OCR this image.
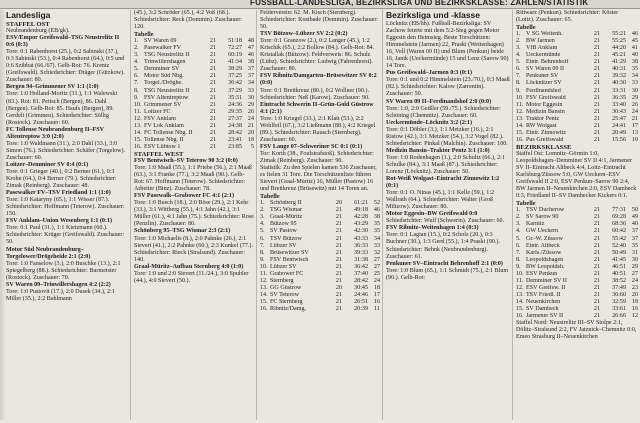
FUSSBALL-LANDESLIGA, BEZIRKSLIGA UND BEZIRKSKLASSE: ZAHLEN/STATISTIK

Landesliga

STAFFEL OST

Neubrandenburg (EB/gk).

ESV/Empor Greifswald–TSG Neustrelitz II 0:6 (0:3)

Tore: 0:1 Rabenhorst (25.), 0:2 Sabinski (37.), 0:3 Sabinski (53.), 0:4 Rabenhorst (64.), 0:5 und 0:6 Szibbat (66./67). Gelb-Rot: 76. Krentz (Greifswald). Schiedsrichter: Dräger (Gützkow). Zuschauer: 80.

Bergen 94–Grimmener SV 1:1 (1:0)

Tore: 1:0 Holland-Moritz (31.), 1:1 Walewski (83.). Rot: 81. Peitsch (Bergen), 86. Dahl (Bergen). Gelb-Rot: 85. Haufs (Bergen), 89. Gerdelt (Grimmen). Schiedsrichter: Söllig (Rostock). Zuschauer: 60.

FC Tollense Neubrandenburg II–FSV Altentreptow 3:0 (2:0)

Tore: 1:0 Waldmann (31.), 2:0 Dahl (33.), 3:0 Simon (76.). Schiedsrichter: Schäfer (Torgelow). Zuschauer: 60.

Loitzer–Demminer SV 0:4 (0:1)

Tore: 0:1 Grieger (40.), 0:2 Berner (61.), 0:3 Krohn (64.), 0:4 Berner (79.). Schiedsrichter: Zimak (Reinberg). Zuschauer: 48.

Pasewalker FV–TSV Friedland 1:1 (1:0)

Tore: 1:0 Kataryny (65.), 1:1 Wisser (87.). Schiedsrichter: Hoffmann (Teterow). Zuschauer: 150.

FSV Anklam–Union Wesenberg 1:1 (0:1)

Tore: 0:1 Paul (31.), 1:1 Kietzmann (60.). Schiedsrichter: Krüger (Greifswald). Zuschauer: 50.

Motor Süd Neubrandenburg–Torgelower/Drögeheide 2:1 (2:0)

Tore: 1:0 Fanselow (3.), 2:0 Buschke (13.), 2:1 Spiegelberg (88.). Schiedsrichter: Burmeister (Rostock). Zuschauer: 70.

SV Waren 09–Trinwillershagen 4:2 (2:2)

Tore: 1:0 Pustovit (17.), 2:0 Dusek (34.), 2:1 Miller (35.), 2:2 Bahlmann

(45.), 3:2 Schröder (65.), 4:2 Voß (68.). Schiedsrichter: Reck (Dommin). Zuschauer: 120.

Tabelle

1. SV Waren 09	21	51:18 48
2. Pasewalker FV	21	72:27 47
3. TSG Neustrelitz II	21	60:19 46
4. Trinwillershagen	21	41:34 38
5. Demminer SV	21	38:29 37
6. Motor Süd Nbg.	21	37:25 37
7. Torgel./Dröghe.	21	36:42 34
8. TSG Neustrelitz II	21	37:29 33
9. FSV Altentreptow	21	35:31 30
10. Grimmener SV	21	24:36 29
11. Loitzer FC	21	29:35 26
12. FSV Anklam	21	27:37 24
13. FV Lok Anklam	21	24:38 21
14. FC Tollense Nbg. II	21	28:42 20
15. Tollense Nbg. II	21	23:41 18
16. ESV Lübtow 1	21	23:85	5

STAFFEL WEST

FSV Bentwisch–SV Teterow 90 3:2 (0:0)

Tore: 1:0 Maaß (55.), 1:1 Priebe (56.), 2:1 Maaß (63.), 3:1 Franke (77.), 3:2 Maaß (90.). Gelb-Rot: 67. Hoffmann (Teterow). Schiedsrichter: Arbeiter (Binz). Zuschauer: 78.

FSV Pasewalk–Grabower FC 4:1 (2:1)

Tore: 1:0 Busch (18.), 2:0 Böse (29.), 2:1 Kehr (33.), 3:1 Wittberg (55.), 4:1 Jahn (42.), 3:1 Müller (61.), 4:1 Jahn (75.). Schiedsrichter: Rose (Penzlin). Zuschauer: 80.

Schönberg 95–TSG Wismar 2:3 (2:1)

Tore: 1:0 Michaelis (8.), 2:0 Pahnke (26.), 2:1 Sievert (41.), 2:2 Pahnke (60.), 2:3 Kunkel (77.). Schiedsrichter: Rieck (Stralsund). Zuschauer: 140.

Graal-Müritz–Aufbau Sternberg 4:0 (1:0)

Tore: 1:0 und 2:0 Sievert (11./24.), 3:0 Spuhler (44.), 4:0 Sievert (50.).

Felderverein: 62. M. Kisch (Sternberg). Schiedsrichter: Kostbade (Demmin). Zuschauer: 50.

TSV Bützow–Lübzer SV 2:2 (0:2)

Tore: 0:1 Granzow (2.), 0:2 Langer (45.), 1:2 Krischik (65.), 2:2 Bollow (84.). Gelb-Rot: 84. Kristallak (Bützow). Feldverweis: 86. Schulz (Lübz). Schiedsrichter: Ludwig (Fahrenhorst). Zuschauer: 80.

FSV Ribnitz/Damgarten–Brüsewitzer SV 0:2 (0:0)

Tore: 0:1 Breitkreuz (80.), 0:2 Wollner (90.). Schiedsrichter: Neß (Karow). Zuschauer: 90.

Eintracht Schwerin II–Grün-Gold Güstrow 4:1 (2:1)

Tore: 1:0 Kriegel (33.), 2:1 Klatt (53.), 2:2 Wohlfeil (67.), 3:2 Ließmann (88.), 4:2 Kriegel (89.). Schiedsrichter: Rausch (Sternberg). Zuschauer: 60.

FSV Lange 07–Schweriner SC 0:1 (0:1)

Tor: Korth (38., Foulstrafstoß). Schiedsrichter: Zimak (Reinberg). Zuschauer: 90.

Statistik: Zu den Spielen kamen 536 Zuschauer, es fielen 31 Tore. Die Torschützenliste führen Sievert (Graal-Müritz) 16, Müller (Pastow) 16 und Breitkreuz (Brüsewitz) mit 14 Toren an.

Tabelle

1. Schönberg II	20	61:21 52
2. TSG Wismar	21	49:18 46
3. Graal-Müritz	21	42:28 38
4. Bützow 95	21	43:29 35
5. SV Pastow	21	42:30 35
6. TSV Bützow	21	43:33 34
7. Lübzer SV	21	36:33 33
8. Brüsewitzer SV	21	39:33 32
9. FSV Bentwisch	21	31:38 27
10. Lübzer SV	21	36:42 27
11. Grabower FC	21	37:40 25
12. Sternberg	21	28:42 24
13. GG Güstrow	20	30:45 18
14. SV Teterow	21	24:46 17
15. FC Sternberg	21	26:51 16
16. Ribnitz/Damg.	21	20:39	11

Bezirksliga und -klasse

Löcknitz (EB/hh). Fußball-Bezirksliga: SV Zachow feierte mit dem 5:2-Sieg gegen Motor Eggesin den Heimsieg. Beste Torschützen: Himmelstein (Jarmen) 22, Praski (Weitenhagen) 16, Voll (Waren 09 II) und Blum (Penkun) beide 16, Janik (Ueckermünde) 15 und Lenz (Sarow 90) 14 Tore.

Pus Greifswald–Jarmen 0:3 (0:1)

Tore: 0:1 und 0:2 Himmelstein (23./70.), 0:3 Maaß (82.). Schiedsrichter: Kalow (Zarrentin). Zuschauer: 50.

SV Waren 09 II–Ferdinandshof 2:0 (0:0)

Tore: 1:0, 2:0 Geißler (59./75.). Schiedsrichter: Schöning (Chemnitz). Zuschauer: 60.

Ueckermünde–Löcknitz 3:2 (2:1)

Tore: 0:1 Döbler (3.), 1:1 Metzker (16.), 2:1 Ristow (42.), 3:1 Metzker (54.), 3:2 Vogel (82.). Schiedsrichter: Pinkal (Malchin). Zuschauer: 100.

Medizin Bansin–Traktor Pentz 3:1 (1:0)

Tore: 1:0 Rodenhagen (1.), 2:0 Schultz (66.), 2:1 Schulke (84.), 3:1 Maaß (87.). Schiedsrichter: Lorenz (Löcknitz). Zuschauer: 50.

Rot-Weiß Wolgast–Eintracht Zinnowitz 1:2 (0:1)

Tore: 0:1 O. Ninas (45.), 1:1 Kelle (59.), 1:2 Wallrath (64.). Schiedsrichter: Walter (Groß Miltzow). Zuschauer: 80.

Motor Eggesin–BW Greifswald 0:0

Schiedsrichter: Wulf (Schwerin). Zuschauer: 60.

FSV Ribnitz–Weitenhagen 1:4 (0:3)

Tore: 0:1 Lagian (15.), 0:2 Scholz (20.), 0:3 Buchner (30.), 1:3 Gerd (55.), 1:4 Praski (90.). Schiedsrichter: Behnk (Neubrandenburg). Zuschauer: 61.

Penkuner SV–Eintracht Behrenhoff 2:1 (0:0)

Tore: 1:0 Blum (65.), 1:1 Schmidt (75.), 2:1 Blum (90.). Gelb-Rot:

Rittwarz (Penkun). Schiedsrichter: Köster (Loitz). Zuschauer: 65.

Tabelle

1. V SG Weitenh.	21	55:21 46
2. BW Jarmen	21	55:25 45
3. VfB Anklam	21	44:20 41
4. Ueckermünde	21	45:21 40
5. Eintr. Behrenhoff	21	41:29 38
6. SV Waren 09 II	21	40:31 35
7. Penkuner SV	21	39:32 34
8. Löcknitzer SV	21	40:30 33
9. Ferdinandshof	21	33:31 30
10. FSV Greifswald	21	36:35 29
11. Motor Eggesin	21	33:40 26
12. Medizin Bansin	21	30:43 24
13. Traktor Pentz	21	25:47 21
14. RW Wolgast	21	24:41 17
15. Eintr. Zinnowitz	21	20:49 13
16. Pus Greifswald	21	15:56 10

BEZIRKSKLASSE

Staffel Ost: Lomnitz–Görmin 1:0, Leopoldshagen–Demminer SV II 4:1, Jarmener SV II–Eintracht Altbeck 4:4, Loitz–Eintracht Karlsburg/Züssow 5:0, GW Ueckern–ESV Greifswald II 2:0, ESV Penkun–Sarow 90 2:4, BW Jarmen II–Neuenkirchen 2:0, ESV Dambeck 0:3, Friedland II–SV Dambecker Kickers 0:1.

Tabelle

1. TSV Ducherow	21	77:31 50
2. SV Sarow 90	21	69:28 49
3. Karnitz	21	68:36 40
4. GW Ueckern	21	60:42 37
5. Gr.-W. Züssow	21	55:42 37
6. Eintr. Altbeck	21	52:40 35
7. Karls./Züssow	21	50:49 31
8. Leopoldshagen	21	41:45 30
9. BW Leopoldsh.	21	46:51 29
10. ESV Penkun	21	40:51 27
11. Demminer SV II	21	38:52 24
12. ESV Greifsw. II	21	37:49 23
13. TSV Friedl. II	21	36:60 20
14. Neuenkirchen	21	32:59 18
15. SV Dambeck	21	33:61 16
16. Jarmener SV II	21	26:66 12

Staffel Nord: Neustrelitz III–SV Stolpe 2:1, Dölitz–Stralsund 2:2, FV Jatznick–Chemnitz 0:0, Emeo Strasburg II–Neuenkirchen
